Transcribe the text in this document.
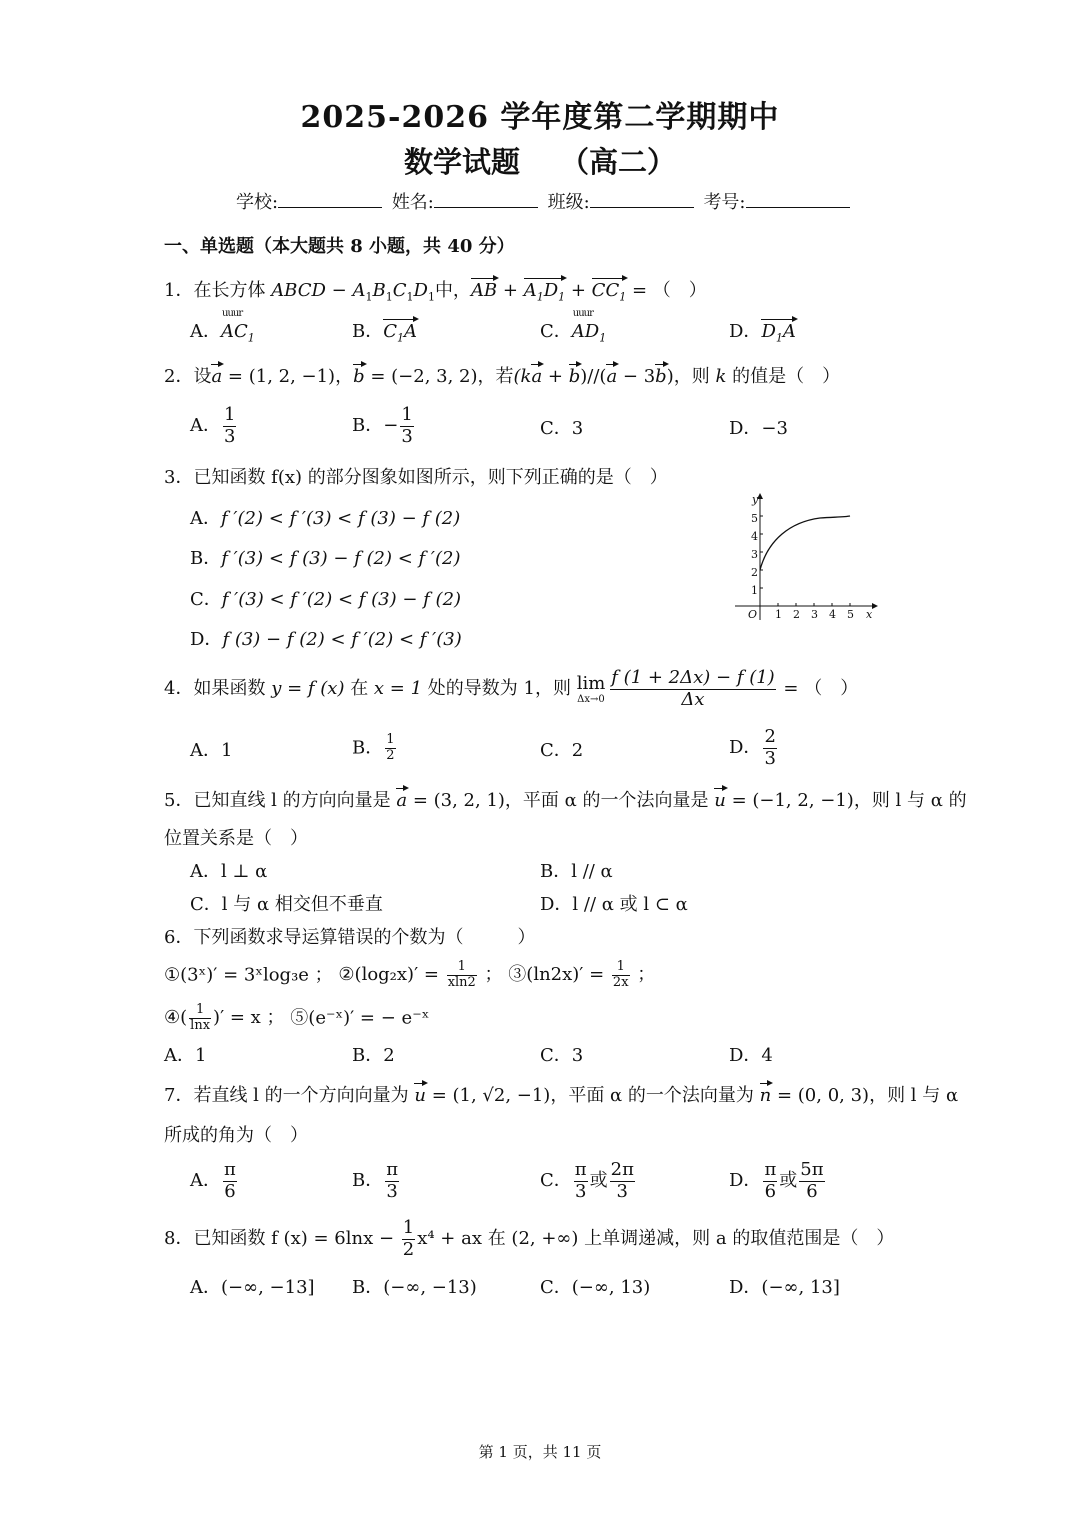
2025-2026 学年度第二学期期中
数学试题 （高二）
学校:	姓名:	班级:	考号:
一、单选题（本大题共 8 小题，共 40 分）
1．在长方体 ABCD − $A_1B_1C_1D_1$中，AB + $A_1D_1 + CC_1$ = （　）
A．
uuur
$AC_1$	B．$C_1A$	C．
uuur
$AD_1$	D．$D_1A$
2．设a = (1, 2, −1)，b = (−2, 3, 2)，若(ka + b)//(a − 3b)，则 k 的值是（　）
A． $\frac{1}{3}$	B．− $\frac{1}{3}$	C．3	D．−3
3．已知函数 f(x) 的部分图象如图所示，则下列正确的是（　）
A．f ′(2) < f ′(3) < f (3) − f (2)
B．f ′(3) < f (3) − f (2) < f ′(2)
C．f ′(3) < f ′(2) < f (3) − f (2)
D．f (3) − f (2) < f ′(2) < f ′(3)
x
y
O 1 2 3 4 5
1
2
3
4
5
4．如果函数 y = f (x) 在 x = 1 处的导数为 1，则 lim
$\Delta x\to 0 \frac{f (1 + 2\Delta x) - f (1)}{\Delta x}$ = （　）
A．1	B． $\frac{1}{2}$	C．2	D． $\frac{2}{3}$
5．已知直线 l 的方向向量是 a = (3, 2, 1)，平面 α 的一个法向量是 u = (−1, 2, −1)，则 l 与 α 的
位置关系是（　）
A．l ⊥ α	B．l // α
C．l 与 α 相交但不垂直	D．l // α 或 l ⊂ α
6．下列函数求导运算错误的个数为（　　　）
①(3ˣ)′ = 3ˣlog₃e ； ②(log₂x)′ = $\frac{1}{xln2}$ ； ③(ln2x)′ = $\frac{1}{2x}$ ；
④( $\frac{1}{\ln x}$ )′ = x ； ⑤(e⁻ˣ)′ = − e⁻ˣ
A．1	B．2	C．3	D．4
7．若直线 l 的一个方向向量为 u = (1, √2, −1)，平面 α 的一个法向量为 n = (0, 0, 3)，则 l 与 α
所成的角为（　）
A． $\frac{\pi}{6}$	B． $\frac{\pi}{3}$	C． $\frac{\pi}{3}$ 或 $\frac{2\pi}{3}$	D． $\frac{\pi}{6}$ 或 $\frac{5\pi}{6}$
8．已知函数 f $(x) = 6\ln x - \frac{1}{2} x^4$ + ax 在 (2, +∞) 上单调递减，则 a 的取值范围是（　）
A．(−∞, −13] B．(−∞, −13)	C．(−∞, 13)	D．(−∞, 13]
第 1 页，共 11 页
